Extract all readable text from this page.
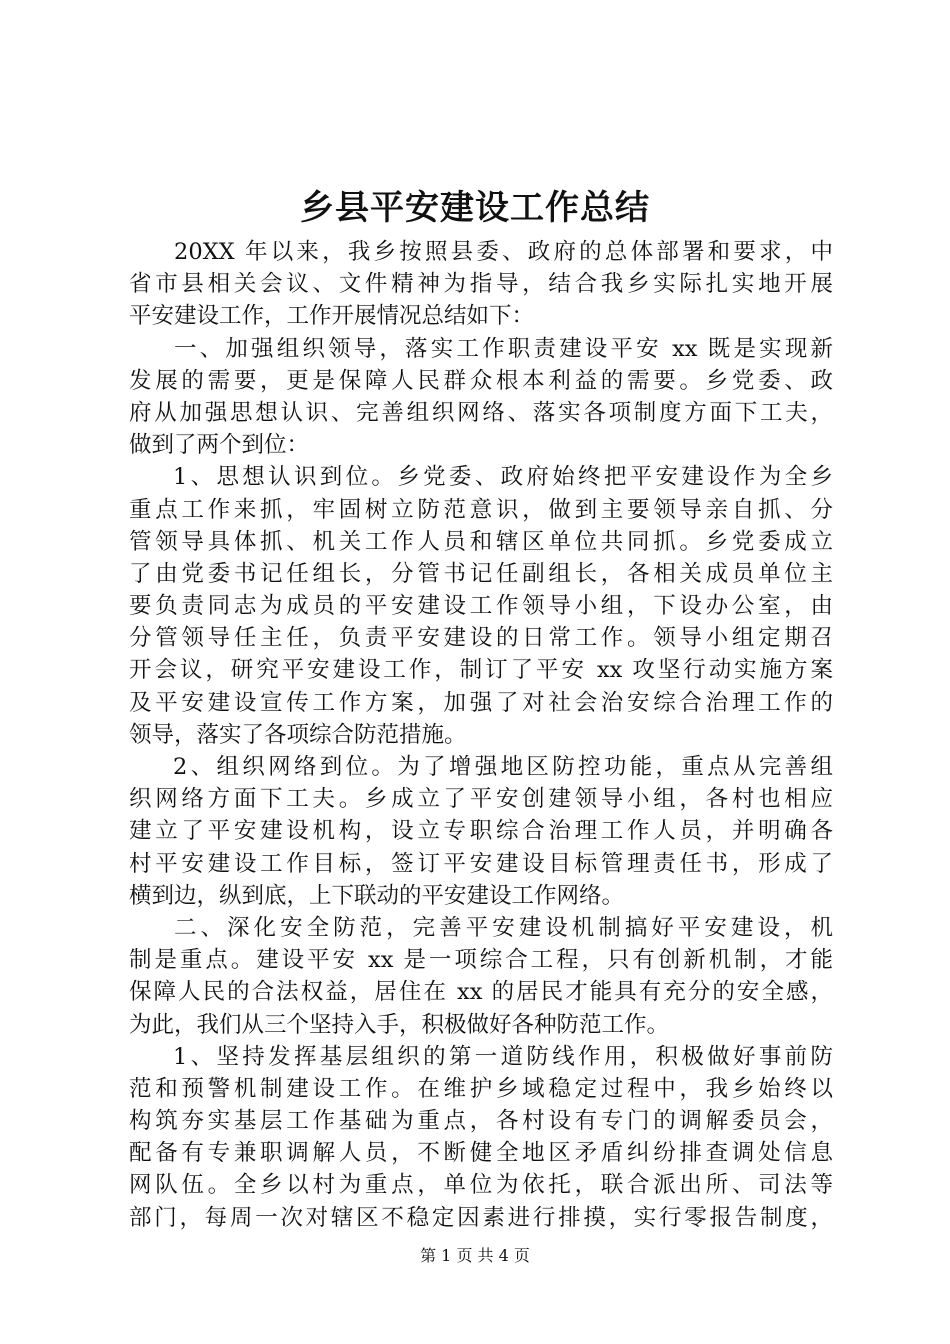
乡县平安建设工作总结
20XX 年以来，我乡按照县委、政府的总体部署和要求，中
省市县相关会议、文件精神为指导，结合我乡实际扎实地开展
平安建设工作，工作开展情况总结如下：
一、加强组织领导，落实工作职责建设平安 xx 既是实现新
发展的需要，更是保障人民群众根本利益的需要。乡党委、政
府从加强思想认识、完善组织网络、落实各项制度方面下工夫，
做到了两个到位：
1、思想认识到位。乡党委、政府始终把平安建设作为全乡
重点工作来抓，牢固树立防范意识，做到主要领导亲自抓、分
管领导具体抓、机关工作人员和辖区单位共同抓。乡党委成立
了由党委书记任组长，分管书记任副组长，各相关成员单位主
要负责同志为成员的平安建设工作领导小组，下设办公室，由
分管领导任主任，负责平安建设的日常工作。领导小组定期召
开会议，研究平安建设工作，制订了平安 xx 攻坚行动实施方案
及平安建设宣传工作方案，加强了对社会治安综合治理工作的
领导，落实了各项综合防范措施。
2、组织网络到位。为了增强地区防控功能，重点从完善组
织网络方面下工夫。乡成立了平安创建领导小组，各村也相应
建立了平安建设机构，设立专职综合治理工作人员，并明确各
村平安建设工作目标，签订平安建设目标管理责任书，形成了
横到边，纵到底，上下联动的平安建设工作网络。
二、深化安全防范，完善平安建设机制搞好平安建设，机
制是重点。建设平安 xx 是一项综合工程，只有创新机制，才能
保障人民的合法权益，居住在 xx 的居民才能具有充分的安全感，
为此，我们从三个坚持入手，积极做好各种防范工作。
1、坚持发挥基层组织的第一道防线作用，积极做好事前防
范和预警机制建设工作。在维护乡域稳定过程中，我乡始终以
构筑夯实基层工作基础为重点，各村设有专门的调解委员会，
配备有专兼职调解人员，不断健全地区矛盾纠纷排查调处信息
网队伍。全乡以村为重点，单位为依托，联合派出所、司法等
部门，每周一次对辖区不稳定因素进行排摸，实行零报告制度，
第 1 页 共 4 页
